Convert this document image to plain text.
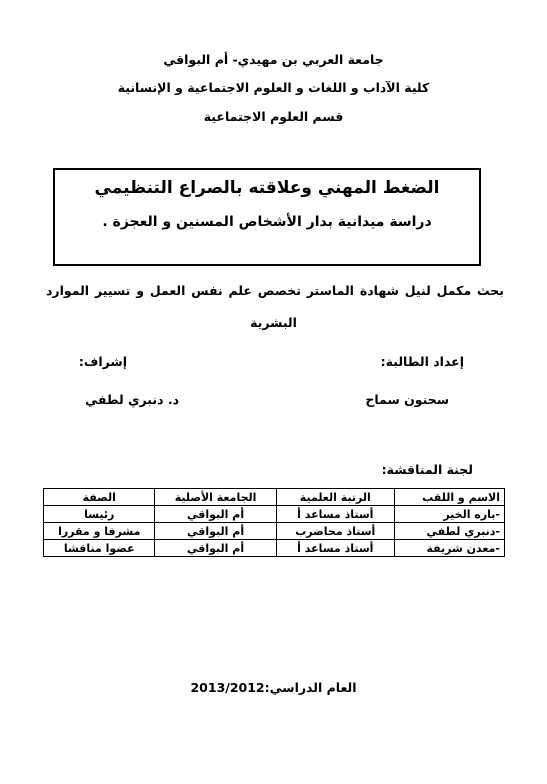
جامعة العربي بن مهيدي- أم البواقي
كلية الآداب و اللغات و العلوم الاجتماعية و الإنسانية
قسم العلوم الاجتماعية
الضغط المهني وعلاقته بالصراع التنظيمي
دراسة ميدانية بدار الأشخاص المسنين و العجزة .
بحث مكمل لنيل شهادة الماستر تخصص علم نفس العمل و تسيير الموارد
البشرية
إعداد الطالبة:
إشراف:
سحنون سماح
د. دنبري لطفي
لجنة المناقشة:
الاسم و اللقب	الرتبة العلمية	الجامعة الأصلية	الصفة
-باره الخير	أستاذ مساعد أ	أم البواقي	رئيسا
-دنبري لطفي	أستاذ محاضرب	أم البواقي	مشرفا و مقررا
-معدن شريفة	أستاذ مساعد أ	أم البواقي	عضوا مناقشا
العام الدراسي:2013/2012
